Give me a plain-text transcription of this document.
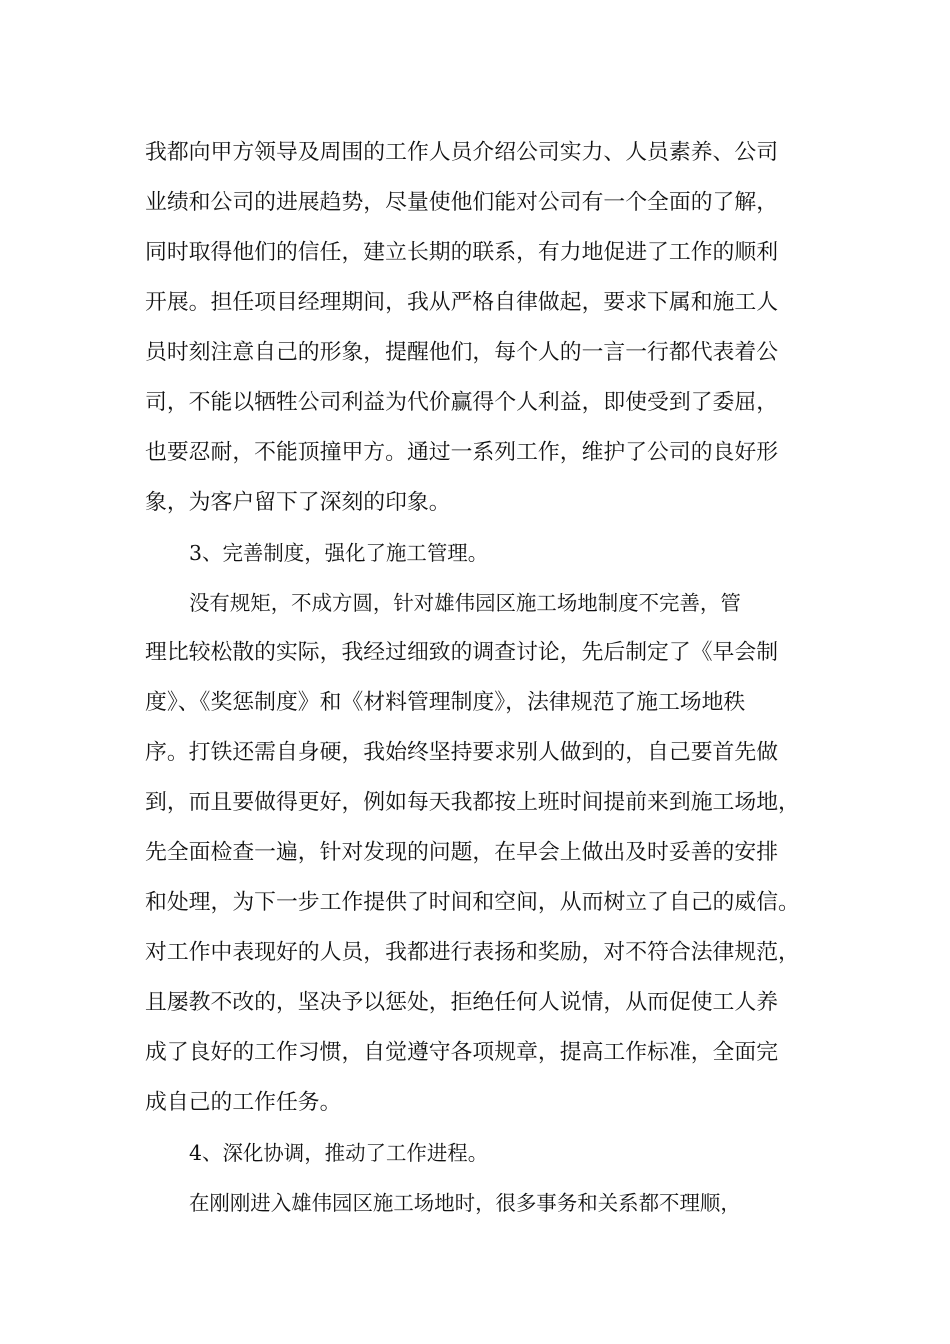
我都向甲方领导及周围的工作人员介绍公司实力、人员素养、公司
业绩和公司的进展趋势，尽量使他们能对公司有一个全面的了解，
同时取得他们的信任，建立长期的联系，有力地促进了工作的顺利
开展。担任项目经理期间，我从严格自律做起，要求下属和施工人
员时刻注意自己的形象，提醒他们，每个人的一言一行都代表着公
司，不能以牺牲公司利益为代价赢得个人利益，即使受到了委屈，
也要忍耐，不能顶撞甲方。通过一系列工作，维护了公司的良好形
象，为客户留下了深刻的印象。
3、完善制度，强化了施工管理。
没有规矩，不成方圆，针对雄伟园区施工场地制度不完善，管
理比较松散的实际，我经过细致的调查讨论，先后制定了《早会制
度》、《奖惩制度》和《材料管理制度》，法律规范了施工场地秩
序。打铁还需自身硬，我始终坚持要求别人做到的，自己要首先做
到，而且要做得更好，例如每天我都按上班时间提前来到施工场地，
先全面检查一遍，针对发现的问题，在早会上做出及时妥善的安排
和处理，为下一步工作提供了时间和空间，从而树立了自己的威信。
对工作中表现好的人员，我都进行表扬和奖励，对不符合法律规范，
且屡教不改的，坚决予以惩处，拒绝任何人说情，从而促使工人养
成了良好的工作习惯，自觉遵守各项规章，提高工作标准，全面完
成自己的工作任务。
4、深化协调，推动了工作进程。
在刚刚进入雄伟园区施工场地时，很多事务和关系都不理顺，
